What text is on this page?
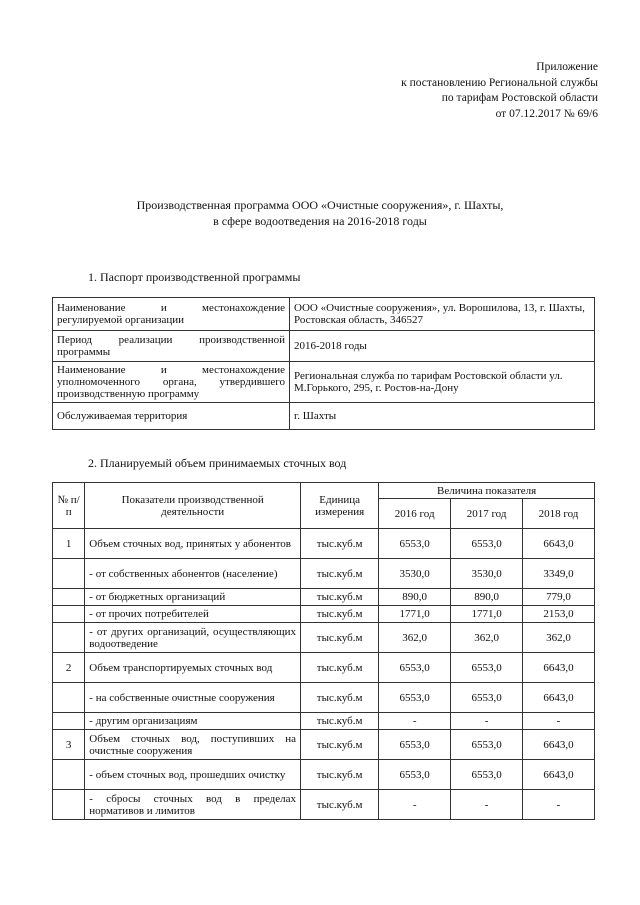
Приложение
к постановлению Региональной службы
по тарифам Ростовской области
от 07.12.2017 № 69/6
Производственная программа ООО «Очистные сооружения», г. Шахты,
в сфере водоотведения на 2016-2018 годы
1. Паспорт производственной программы
Наименование и местонахождение регулируемой организации	ООО «Очистные сооружения», ул. Ворошилова, 13, г. Шахты, Ростовская область, 346527
Период реализации производственной программы	2016-2018 годы
Наименование и местонахождение уполномоченного органа, утвердившего производственную программу	Региональная служба по тарифам Ростовской области ул. М.Горького, 295, г. Ростов-на-Дону
Обслуживаемая территория	г. Шахты
2. Планируемый объем принимаемых сточных вод
№ п/п	Показатели производственной деятельности	Единица измерения	Величина показателя		
			2016 год	2017 год	2018 год
1	Объем сточных вод, принятых у абонентов	тыс.куб.м	6553,0	6553,0	6643,0
	- от собственных абонентов (население)	тыс.куб.м	3530,0	3530,0	3349,0
	- от бюджетных организаций	тыс.куб.м	890,0	890,0	779,0
	- от прочих потребителей	тыс.куб.м	1771,0	1771,0	2153,0
	- от других организаций, осуществляющих водоотведение	тыс.куб.м	362,0	362,0	362,0
2	Объем транспортируемых сточных вод	тыс.куб.м	6553,0	6553,0	6643,0
	- на собственные очистные сооружения	тыс.куб.м	6553,0	6553,0	6643,0
	- другим организациям	тыс.куб.м	-	-	-
3	Объем сточных вод, поступивших на очистные сооружения	тыс.куб.м	6553,0	6553,0	6643,0
	- объем сточных вод, прошедших очистку	тыс.куб.м	6553,0	6553,0	6643,0
	- сбросы сточных вод в пределах нормативов и лимитов	тыс.куб.м	-	-	-
